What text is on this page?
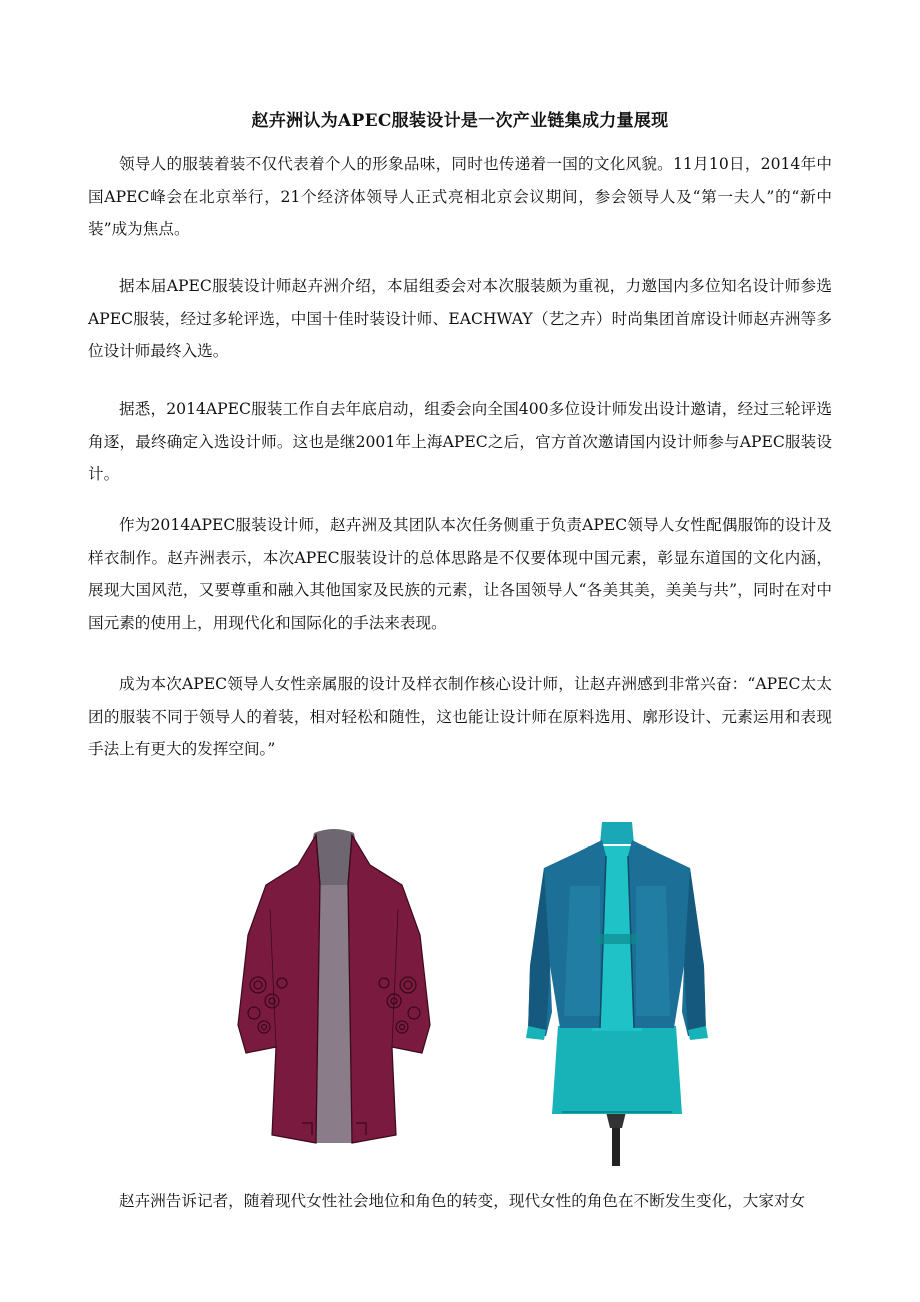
赵卉洲认为APEC服装设计是一次产业链集成力量展现

领导人的服装着装不仅代表着个人的形象品味，同时也传递着一国的文化风貌。11月10日，2014年中国APEC峰会在北京举行，21个经济体领导人正式亮相北京会议期间，参会领导人及“第一夫人”的“新中装”成为焦点。

据本届APEC服装设计师赵卉洲介绍，本届组委会对本次服装颇为重视，力邀国内多位知名设计师参选APEC服装，经过多轮评选，中国十佳时装设计师、EACHWAY（艺之卉）时尚集团首席设计师赵卉洲等多位设计师最终入选。

据悉，2014APEC服装工作自去年底启动，组委会向全国400多位设计师发出设计邀请，经过三轮评选角逐，最终确定入选设计师。这也是继2001年上海APEC之后，官方首次邀请国内设计师参与APEC服装设计。

作为2014APEC服装设计师，赵卉洲及其团队本次任务侧重于负责APEC领导人女性配偶服饰的设计及样衣制作。赵卉洲表示，本次APEC服装设计的总体思路是不仅要体现中国元素，彰显东道国的文化内涵，展现大国风范，又要尊重和融入其他国家及民族的元素，让各国领导人“各美其美，美美与共”，同时在对中国元素的使用上，用现代化和国际化的手法来表现。

成为本次APEC领导人女性亲属服的设计及样衣制作核心设计师，让赵卉洲感到非常兴奋：“APEC太太团的服装不同于领导人的着装，相对轻松和随性，这也能让设计师在原料选用、廓形设计、元素运用和表现手法上有更大的发挥空间。”

赵卉洲告诉记者，随着现代女性社会地位和角色的转变，现代女性的角色在不断发生变化，大家对女
